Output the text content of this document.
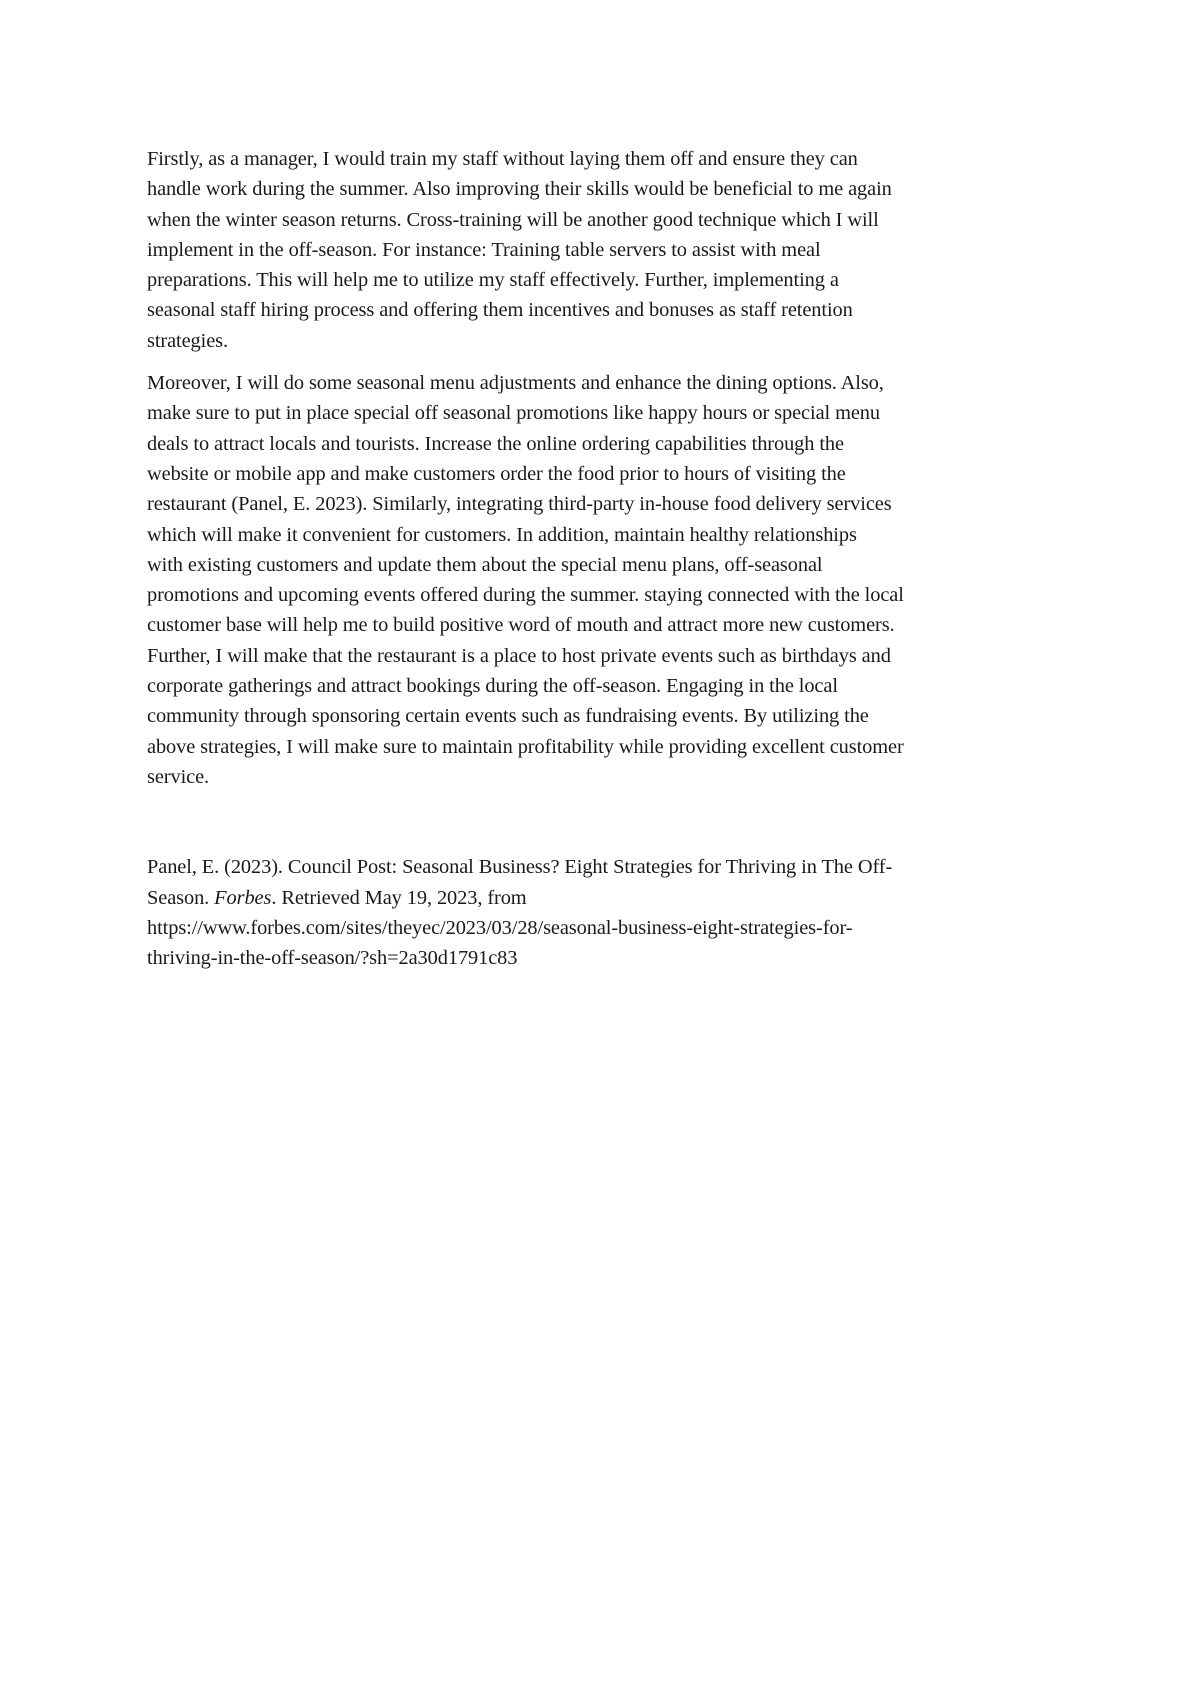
Firstly, as a manager, I would train my staff without laying them off and ensure they can
handle work during the summer. Also improving their skills would be beneficial to me again
when the winter season returns. Cross-training will be another good technique which I will
implement in the off-season. For instance: Training table servers to assist with meal
preparations. This will help me to utilize my staff effectively. Further, implementing a
seasonal staff hiring process and offering them incentives and bonuses as staff retention
strategies.

Moreover, I will do some seasonal menu adjustments and enhance the dining options. Also,
make sure to put in place special off seasonal promotions like happy hours or special menu
deals to attract locals and tourists. Increase the online ordering capabilities through the
website or mobile app and make customers order the food prior to hours of visiting the
restaurant (Panel, E. 2023). Similarly, integrating third-party in-house food delivery services
which will make it convenient for customers. In addition, maintain healthy relationships
with existing customers and update them about the special menu plans, off-seasonal
promotions and upcoming events offered during the summer. staying connected with the local
customer base will help me to build positive word of mouth and attract more new customers.
Further, I will make that the restaurant is a place to host private events such as birthdays and
corporate gatherings and attract bookings during the off-season. Engaging in the local
community through sponsoring certain events such as fundraising events. By utilizing the
above strategies, I will make sure to maintain profitability while providing excellent customer
service.

Panel, E. (2023). Council Post: Seasonal Business? Eight Strategies for Thriving in The Off-
Season. Forbes. Retrieved May 19, 2023, from
https://www.forbes.com/sites/theyec/2023/03/28/seasonal-business-eight-strategies-for-
thriving-in-the-off-season/?sh=2a30d1791c83
